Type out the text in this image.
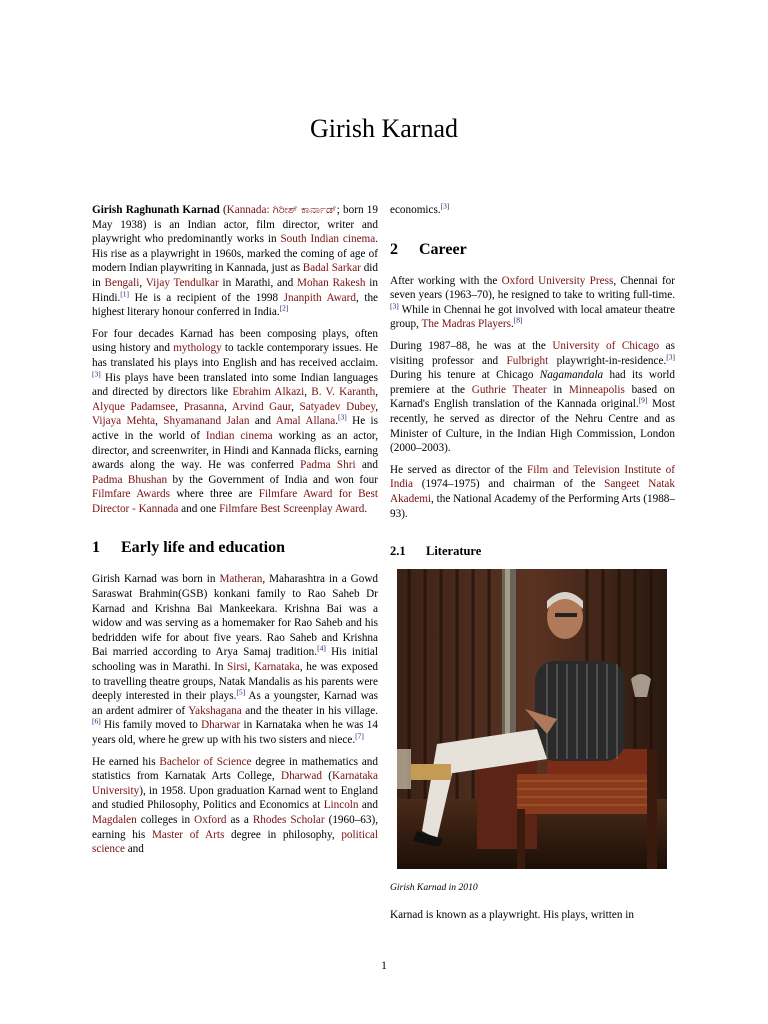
Girish Karnad

Girish Raghunath Karnad (Kannada: ಗಿರೀಶ್ ಕಾರ್ನಾಡ್; born 19 May 1938) is an Indian actor, film director, writer and playwright who predominantly works in South Indian cinema. His rise as a playwright in 1960s, marked the coming of age of modern Indian playwriting in Kannada, just as Badal Sarkar did in Bengali, Vijay Tendulkar in Marathi, and Mohan Rakesh in Hindi.[1] He is a recipient of the 1998 Jnanpith Award, the highest literary honour conferred in India.[2]

For four decades Karnad has been composing plays, often using history and mythology to tackle contemporary issues. He has translated his plays into English and has received acclaim.[3] His plays have been translated into some Indian languages and directed by directors like Ebrahim Alkazi, B. V. Karanth, Alyque Padamsee, Prasanna, Arvind Gaur, Satyadev Dubey, Vijaya Mehta, Shyamanand Jalan and Amal Allana.[3] He is active in the world of Indian cinema working as an actor, director, and screenwriter, in Hindi and Kannada flicks, earning awards along the way. He was conferred Padma Shri and Padma Bhushan by the Government of India and won four Filmfare Awards where three are Filmfare Award for Best Director - Kannada and one Filmfare Best Screenplay Award.

1 Early life and education

Girish Karnad was born in Matheran, Maharashtra in a Gowd Saraswat Brahmin(GSB) konkani family to Rao Saheb Dr Karnad and Krishna Bai Mankeekara. Krishna Bai was a widow and was serving as a homemaker for Rao Saheb and his bedridden wife for about five years. Rao Saheb and Krishna Bai married according to Arya Samaj tradition.[4] His initial schooling was in Marathi. In Sirsi, Karnataka, he was exposed to travelling theatre groups, Natak Mandalis as his parents were deeply interested in their plays.[5] As a youngster, Karnad was an ardent admirer of Yakshagana and the theater in his village.[6] His family moved to Dharwar in Karnataka when he was 14 years old, where he grew up with his two sisters and niece.[7]

He earned his Bachelor of Science degree in mathematics and statistics from Karnatak Arts College, Dharwad (Karnataka University), in 1958. Upon graduation Karnad went to England and studied Philosophy, Politics and Economics at Lincoln and Magdalen colleges in Oxford as a Rhodes Scholar (1960–63), earning his Master of Arts degree in philosophy, political science and

economics.[3]

2 Career

After working with the Oxford University Press, Chennai for seven years (1963–70), he resigned to take to writing full-time.[3] While in Chennai he got involved with local amateur theatre group, The Madras Players.[8]

During 1987–88, he was at the University of Chicago as visiting professor and Fulbright playwright-in-residence.[3] During his tenure at Chicago Nagamandala had its world premiere at the Guthrie Theater in Minneapolis based on Karnad's English translation of the Kannada original.[9] Most recently, he served as director of the Nehru Centre and as Minister of Culture, in the Indian High Commission, London (2000–2003).

He served as director of the Film and Television Institute of India (1974–1975) and chairman of the Sangeet Natak Akademi, the National Academy of the Performing Arts (1988–93).

2.1 Literature

Girish Karnad in 2010

Karnad is known as a playwright. His plays, written in

1
